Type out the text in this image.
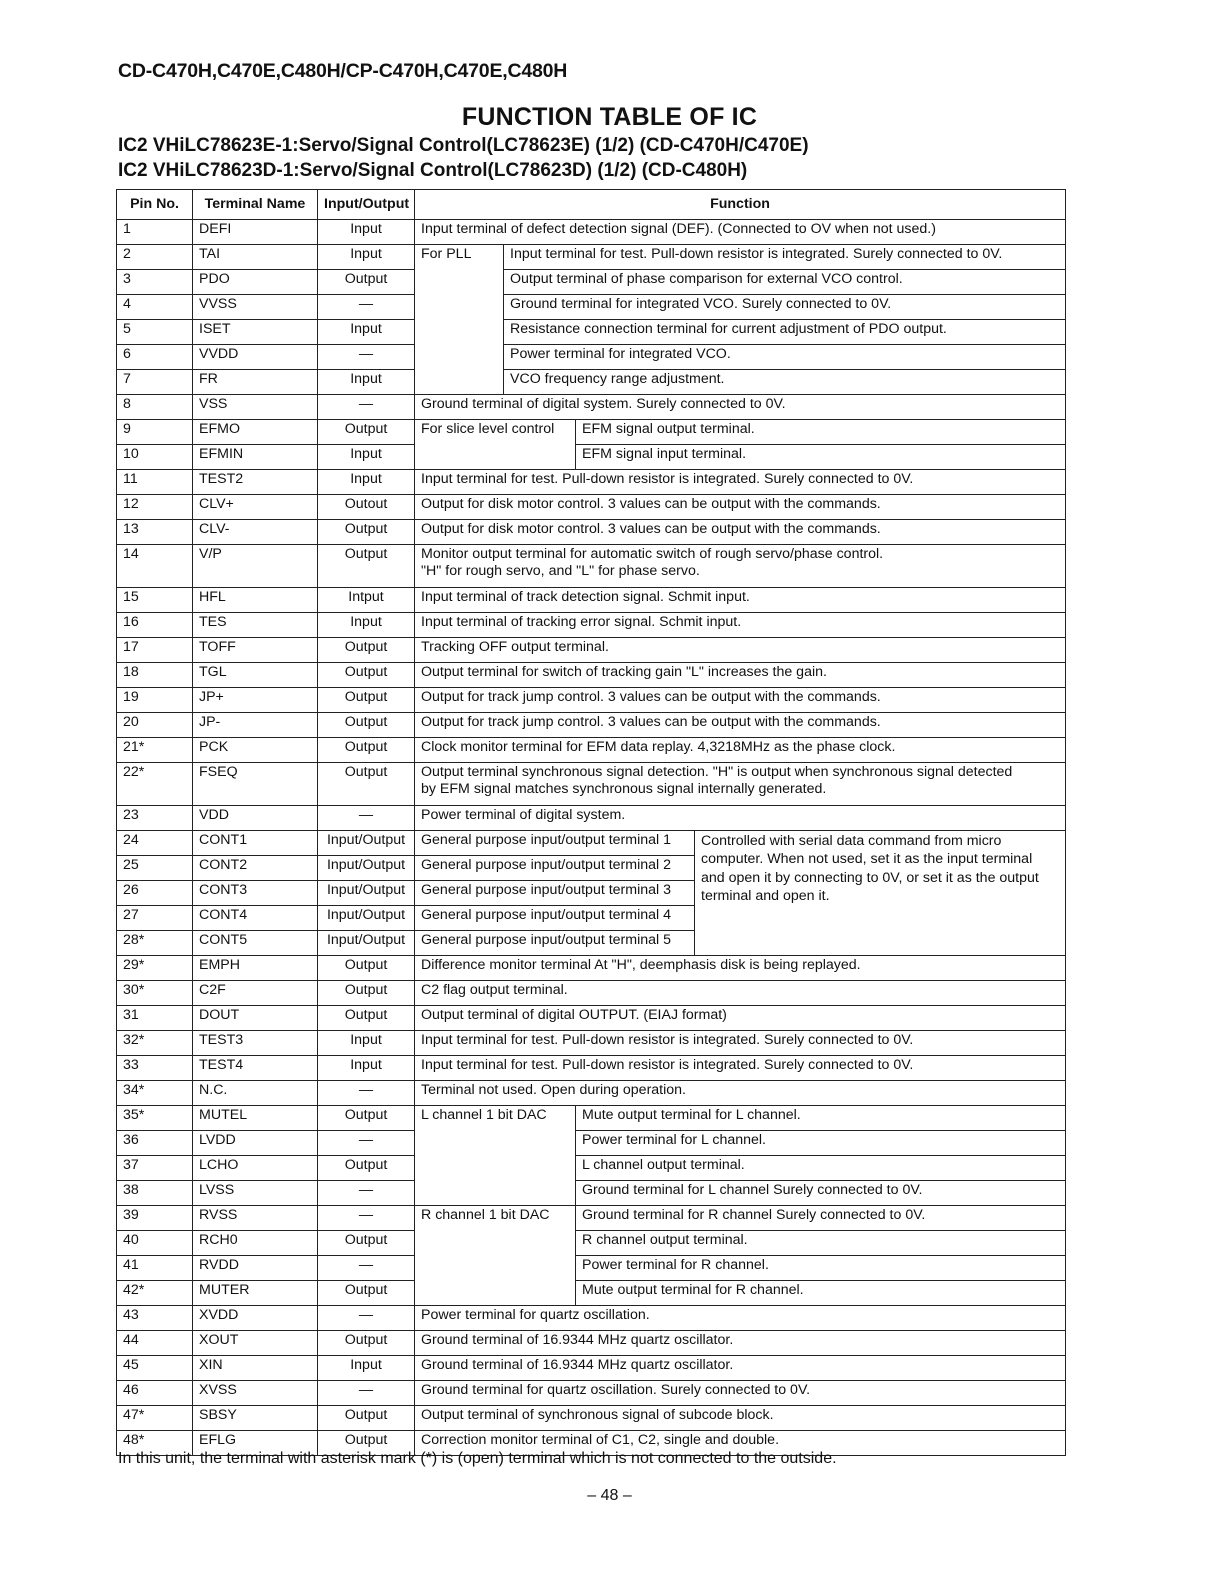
CD-C470H,C470E,C480H/CP-C470H,C470E,C480H
FUNCTION TABLE OF IC
IC2 VHiLC78623E-1:Servo/Signal Control(LC78623E) (1/2) (CD-C470H/C470E)
IC2 VHiLC78623D-1:Servo/Signal Control(LC78623D) (1/2) (CD-C480H)
Pin No.	Terminal Name	Input/Output	Function			
1	DEFI	Input	Input terminal of defect detection signal (DEF). (Connected to OV when not used.)			

2	TAI	Input	For PLL	Input terminal for test. Pull-down resistor is integrated. Surely connected to 0V.		
3	PDO	Output		Output terminal of phase comparison for external VCO control.		
4	VVSS	—		Ground terminal for integrated VCO. Surely connected to 0V.		
5	ISET	Input		Resistance connection terminal for current adjustment of PDO output.		
6	VVDD	—		Power terminal for integrated VCO.		
7	FR	Input		VCO frequency range adjustment.		
8	VSS	—	Ground terminal of digital system. Surely connected to 0V.			

9	EFMO	Output	For slice level control		EFM signal output terminal.	
10	EFMIN	Input			EFM signal input terminal.	
11	TEST2	Input	Input terminal for test. Pull-down resistor is integrated. Surely connected to 0V.			

12	CLV+	Outout	Output for disk motor control. 3 values can be output with the commands.			

13	CLV-	Output	Output for disk motor control. 3 values can be output with the commands.			

14	V/P	Output	Monitor output terminal for automatic switch of rough servo/phase control.
"H" for rough servo, and "L" for phase servo.			

15	HFL	Intput	Input terminal of track detection signal. Schmit input.			

16	TES	Input	Input terminal of tracking error signal. Schmit input.			

17	TOFF	Output	Tracking OFF output terminal.			

18	TGL	Output	Output terminal for switch of tracking gain "L" increases the gain.			

19	JP+	Output	Output for track jump control. 3 values can be output with the commands.			

20	JP-	Output	Output for track jump control. 3 values can be output with the commands.			

21*	PCK	Output	Clock monitor terminal for EFM data replay. 4,3218MHz as the phase clock.			

22*	FSEQ	Output	Output terminal synchronous signal detection. "H" is output when synchronous signal detected
by EFM signal matches synchronous signal internally generated.			

23	VDD	—	Power terminal of digital system.			

24	CONT1	Input/Output	General purpose input/output terminal 1			Controlled with serial data command from micro computer. When not used, set it as the input terminal and open it by connecting to 0V, or set it as the output terminal and open it.
25	CONT2	Input/Output	General purpose input/output terminal 2			
26	CONT3	Input/Output	General purpose input/output terminal 3			
27	CONT4	Input/Output	General purpose input/output terminal 4			
28*	CONT5	Input/Output	General purpose input/output terminal 5			
29*	EMPH	Output	Difference monitor terminal At "H", deemphasis disk is being replayed.			

30*	C2F	Output	C2 flag output terminal.			

31	DOUT	Output	Output terminal of digital OUTPUT. (EIAJ format)			

32*	TEST3	Input	Input terminal for test. Pull-down resistor is integrated. Surely connected to 0V.			

33	TEST4	Input	Input terminal for test. Pull-down resistor is integrated. Surely connected to 0V.			

34*	N.C.	—	Terminal not used. Open during operation.			

35*	MUTEL	Output	L channel 1 bit DAC		Mute output terminal for L channel.	
36	LVDD	—			Power terminal for L channel.	
37	LCHO	Output			L channel output terminal.	
38	LVSS	—			Ground terminal for L channel Surely connected to 0V.	
39	RVSS	—	R channel 1 bit DAC		Ground terminal for R channel Surely connected to 0V.	
40	RCH0	Output			R channel output terminal.	
41	RVDD	—			Power terminal for R channel.	
42*	MUTER	Output			Mute output terminal for R channel.	
43	XVDD	—	Power terminal for quartz oscillation.			

44	XOUT	Output	Ground terminal of 16.9344 MHz quartz oscillator.			

45	XIN	Input	Ground terminal of 16.9344 MHz quartz oscillator.			

46	XVSS	—	Ground terminal for quartz oscillation. Surely connected to 0V.			

47*	SBSY	Output	Output terminal of synchronous signal of subcode block.			

48*	EFLG	Output	Correction monitor terminal of C1, C2, single and double.			
In this unit, the terminal with asterisk mark (*) is (open) terminal which is not connected to the outside.
– 48 –
